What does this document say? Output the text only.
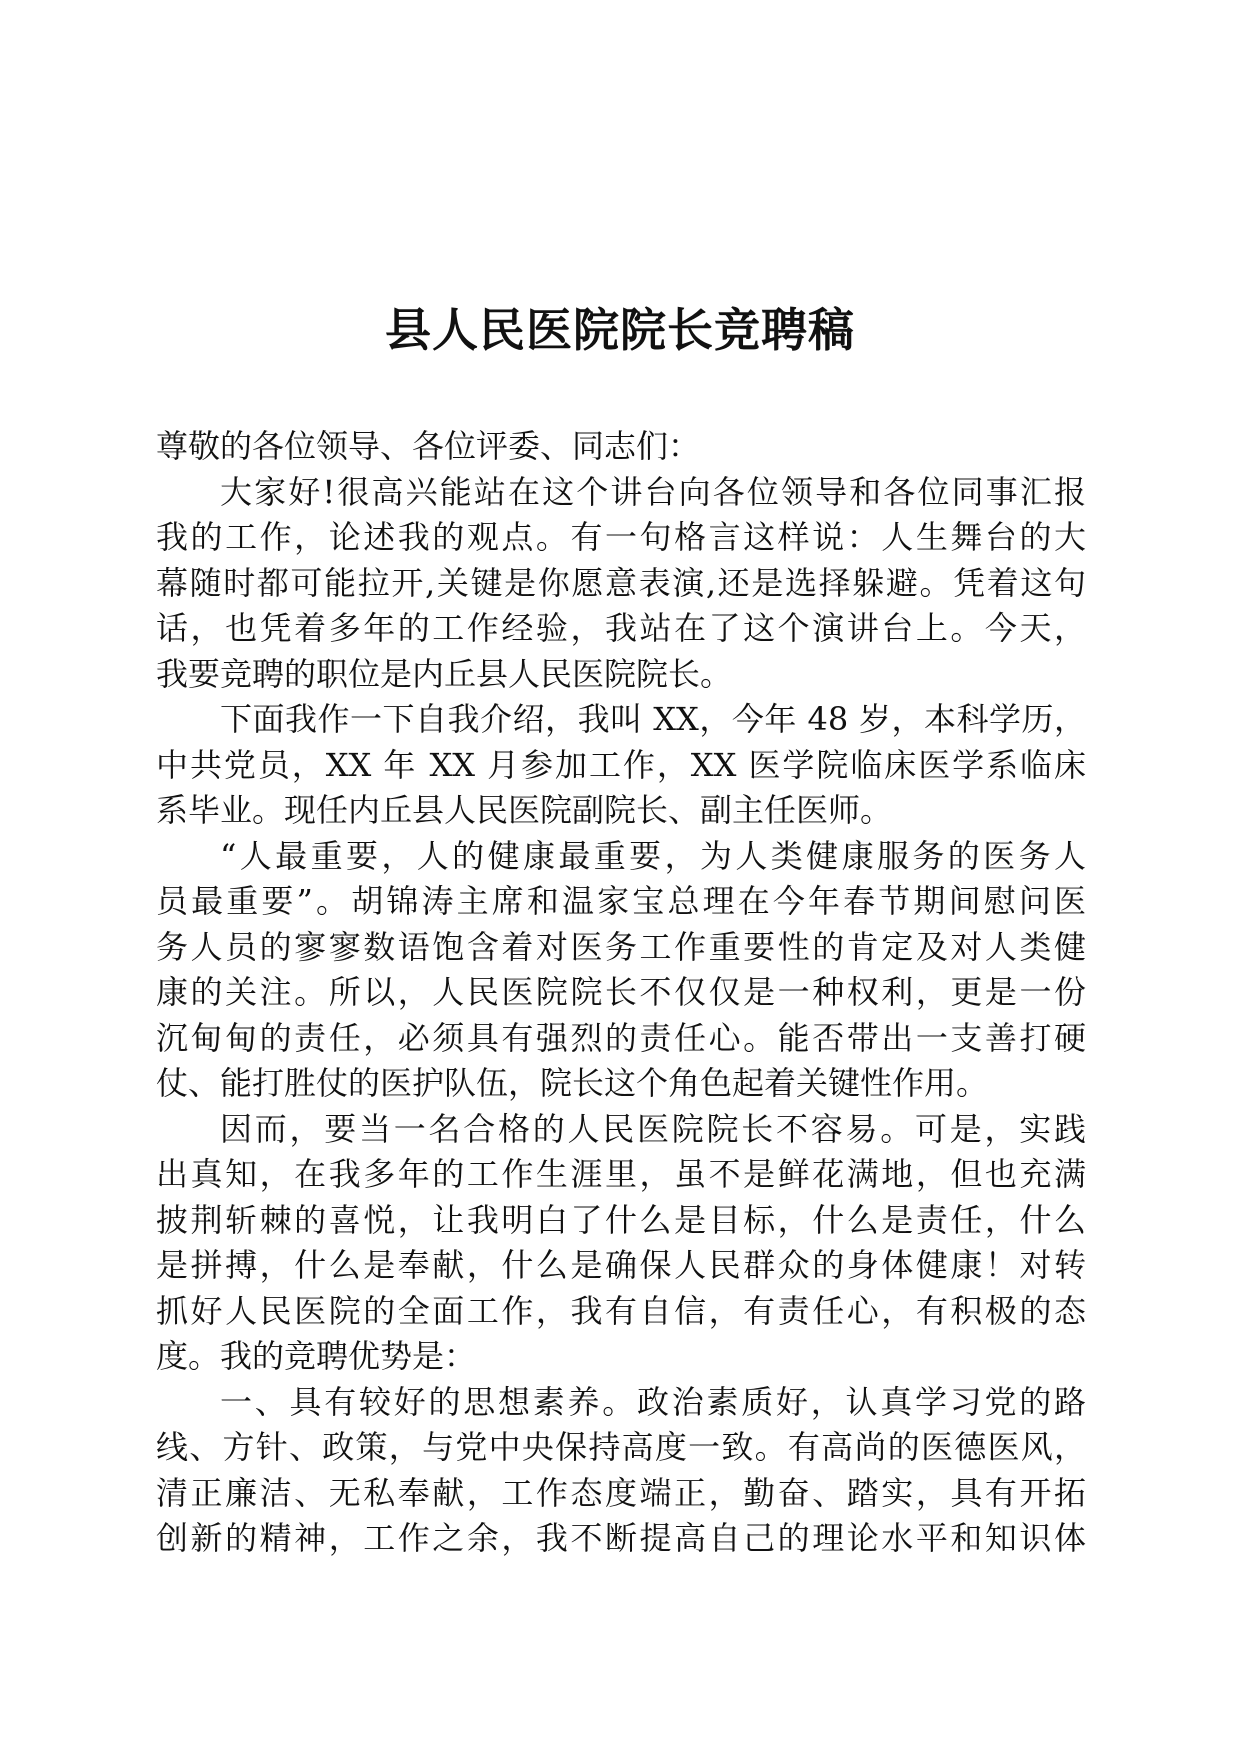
县人民医院院长竞聘稿
尊敬的各位领导、各位评委、同志们：
大家好!很高兴能站在这个讲台向各位领导和各位同事汇报
我的工作，论述我的观点。有一句格言这样说：人生舞台的大
幕随时都可能拉开,关键是你愿意表演,还是选择躲避。凭着这句
话，也凭着多年的工作经验，我站在了这个演讲台上。今天，
我要竞聘的职位是内丘县人民医院院长。
下面我作一下自我介绍，我叫 XX，今年 48 岁，本科学历，
中共党员，XX 年 XX 月参加工作，XX 医学院临床医学系临床
系毕业。现任内丘县人民医院副院长、副主任医师。
“人最重要，人的健康最重要，为人类健康服务的医务人
员最重要”。胡锦涛主席和温家宝总理在今年春节期间慰问医
务人员的寥寥数语饱含着对医务工作重要性的肯定及对人类健
康的关注。所以，人民医院院长不仅仅是一种权利，更是一份
沉甸甸的责任，必须具有强烈的责任心。能否带出一支善打硬
仗、能打胜仗的医护队伍，院长这个角色起着关键性作用。
因而，要当一名合格的人民医院院长不容易。可是，实践
出真知，在我多年的工作生涯里，虽不是鲜花满地，但也充满
披荆斩棘的喜悦，让我明白了什么是目标，什么是责任，什么
是拼搏，什么是奉献，什么是确保人民群众的身体健康！对转
抓好人民医院的全面工作，我有自信，有责任心，有积极的态
度。我的竞聘优势是：
一、具有较好的思想素养。政治素质好，认真学习党的路
线、方针、政策，与党中央保持高度一致。有高尚的医德医风，
清正廉洁、无私奉献，工作态度端正，勤奋、踏实，具有开拓
创新的精神，工作之余，我不断提高自己的理论水平和知识体
